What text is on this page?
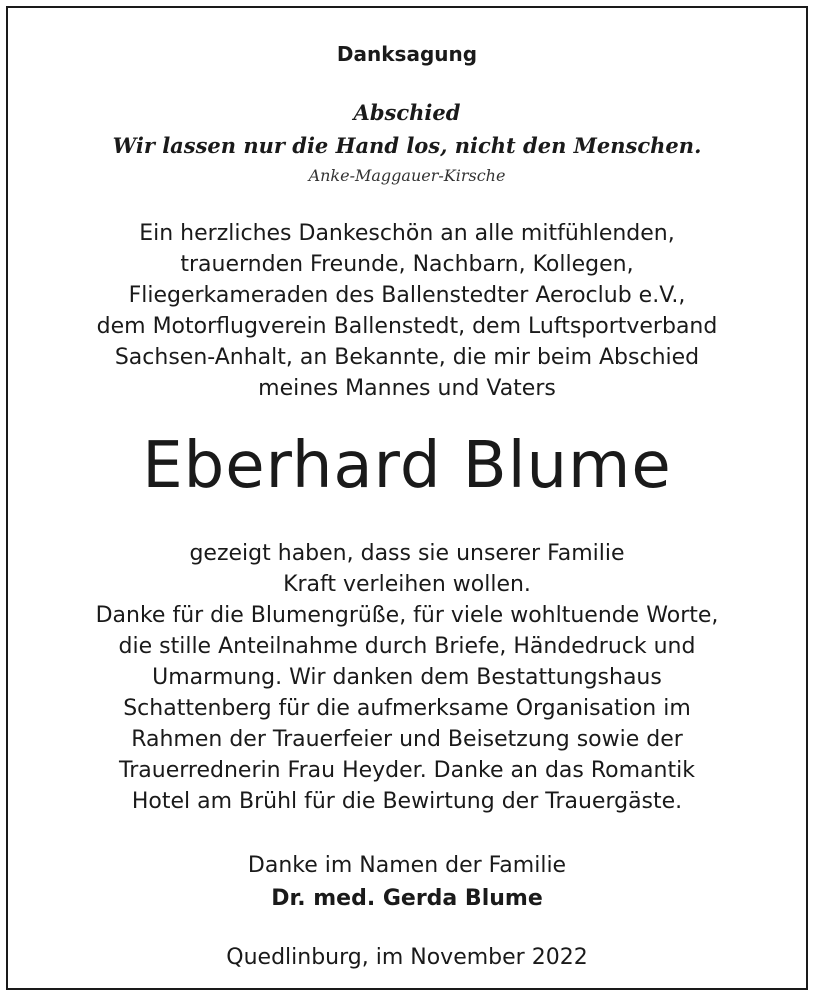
Danksagung
Abschied
Wir lassen nur die Hand los, nicht den Menschen.
Anke-Maggauer-Kirsche
Ein herzliches Dankeschön an alle mitfühlenden,
trauernden Freunde, Nachbarn, Kollegen,
Fliegerkameraden des Ballenstedter Aeroclub e.V.,
dem Motorflugverein Ballenstedt, dem Luftsportverband
Sachsen-Anhalt, an Bekannte, die mir beim Abschied
meines Mannes und Vaters
Eberhard Blume
gezeigt haben, dass sie unserer Familie
Kraft verleihen wollen.
Danke für die Blumengrüße, für viele wohltuende Worte,
die stille Anteilnahme durch Briefe, Händedruck und
Umarmung. Wir danken dem Bestattungshaus
Schattenberg für die aufmerksame Organisation im
Rahmen der Trauerfeier und Beisetzung sowie der
Trauerrednerin Frau Heyder. Danke an das Romantik
Hotel am Brühl für die Bewirtung der Trauergäste.
Danke im Namen der Familie
Dr. med. Gerda Blume
Quedlinburg, im November 2022
